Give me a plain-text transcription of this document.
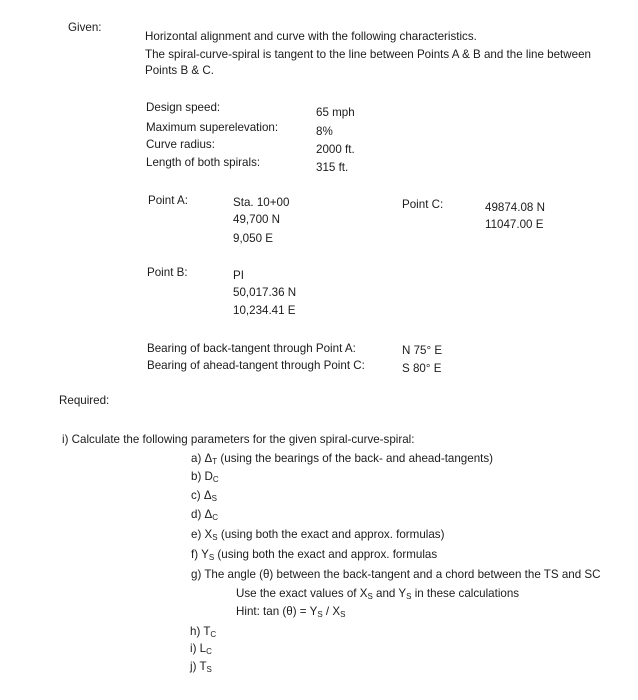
Given:
Horizontal alignment and curve with the following characteristics.
The spiral-curve-spiral is tangent to the line between Points A & B and the line between
Points B & C.
Design speed:	65 mph
Maximum superelevation:	8%
Curve radius:	2000 ft.
Length of both spirals:	315 ft.
Point A:	Sta. 10+00
49,700 N
9,050 E
Point C:	49874.08 N
11047.00 E
Point B:	PI
50,017.36 N
10,234.41 E
Bearing of back-tangent through Point A:	N 75° E
Bearing of ahead-tangent through Point C:	S 80° E
Required:
i) Calculate the following parameters for the given spiral-curve-spiral:
a) $\Delta_T$ (using the bearings of the back- and ahead-tangents)
b) $D_C$
c) $\Delta_S$
d) $\Delta_C$
e) $X_S$ (using both the exact and approx. formulas)
f) $Y_S$ (using both the exact and approx. formulas
g) The angle (θ) between the back-tangent and a chord between the TS and SC
Use the exact values of $X_S$ and $Y_S$ in these calculations
Hint: $\tan (\theta) = Y_S / X_S$
h) $T_C$
i) $L_C$
j) $T_S$
